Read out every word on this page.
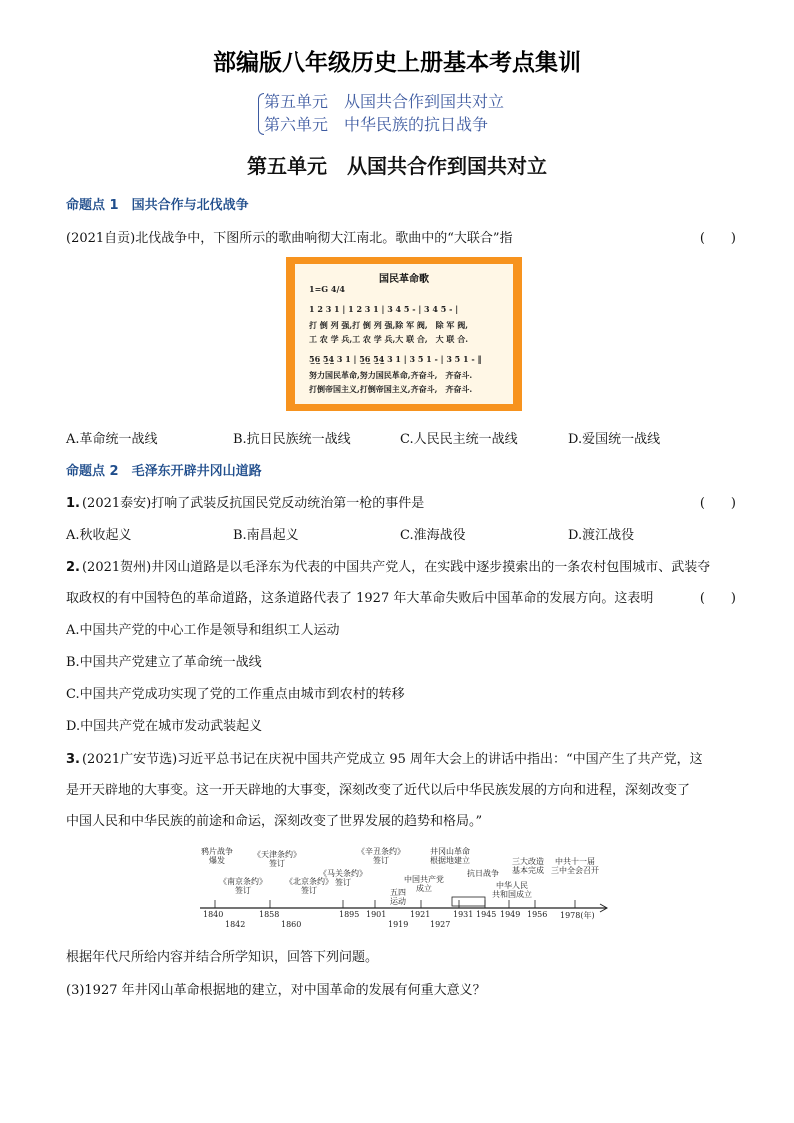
部编版八年级历史上册基本考点集训
第五单元　从国共合作到国共对立
第六单元　中华民族的抗日战争
第五单元　从国共合作到国共对立
命题点 1　国共合作与北伐战争
(2021自贡)北伐战争中，下图所示的歌曲响彻大江南北。歌曲中的“大联合”指	(　　)
国民革命歌
1=G 4/4
1 2 3 1 | 1 2 3 1 | 3 4 5 - | 3 4 5 - |
打 倒 列 强,打 倒 列 强,除 军 阀,　除 军 阀,
工 农 学 兵,工 农 学 兵,大 联 合,　大 联 合.
5̲6̲ 5̲4̲ 3 1 | 5̲6̲ 5̲4̲ 3 1 | 3 5 1 - | 3 5 1 - ‖
努力国民革命,努力国民革命,齐奋斗,　齐奋斗.
打倒帝国主义,打倒帝国主义,齐奋斗,　齐奋斗.
A.革命统一战线	B.抗日民族统一战线	C.人民民主统一战线	D.爱国统一战线
命题点 2　毛泽东开辟井冈山道路
1. (2021泰安)打响了武装反抗国民党反动统治第一枪的事件是	(　　)
A.秋收起义	B.南昌起义	C.淮海战役	D.渡江战役
2. (2021贺州)井冈山道路是以毛泽东为代表的中国共产党人，在实践中逐步摸索出的一条农村包围城市、武装夺
取政权的有中国特色的革命道路，这条道路代表了 1927 年大革命失败后中国革命的发展方向。这表明	(　　)
A.中国共产党的中心工作是领导和组织工人运动
B.中国共产党建立了革命统一战线
C.中国共产党成功实现了党的工作重点由城市到农村的转移
D.中国共产党在城市发动武装起义
3. (2021广安节选)习近平总书记在庆祝中国共产党成立 95 周年大会上的讲话中指出：“中国产生了共产党，这
是开天辟地的大事变。这一开天辟地的大事变，深刻改变了近代以后中华民族发展的方向和进程，深刻改变了
中国人民和中华民族的前途和命运，深刻改变了世界发展的趋势和格局。”
鸦片战争
爆发
《南京条约》
签订
《天津条约》
签订
《北京条约》
签订
《马关条约》
签订
《辛丑条约》
签订
中国共产党
成立
井冈山革命
根据地建立
五四
运动
抗日战争
中华人民
共和国成立
三大改造
基本完成
中共十一届
三中全会召开
1840	1858	1895 1901	1921	1931 1945 1949 1956 1978(年)
1842	1860	1919	1927
根据年代尺所给内容并结合所学知识，回答下列问题。
(3)1927 年井冈山革命根据地的建立，对中国革命的发展有何重大意义？
